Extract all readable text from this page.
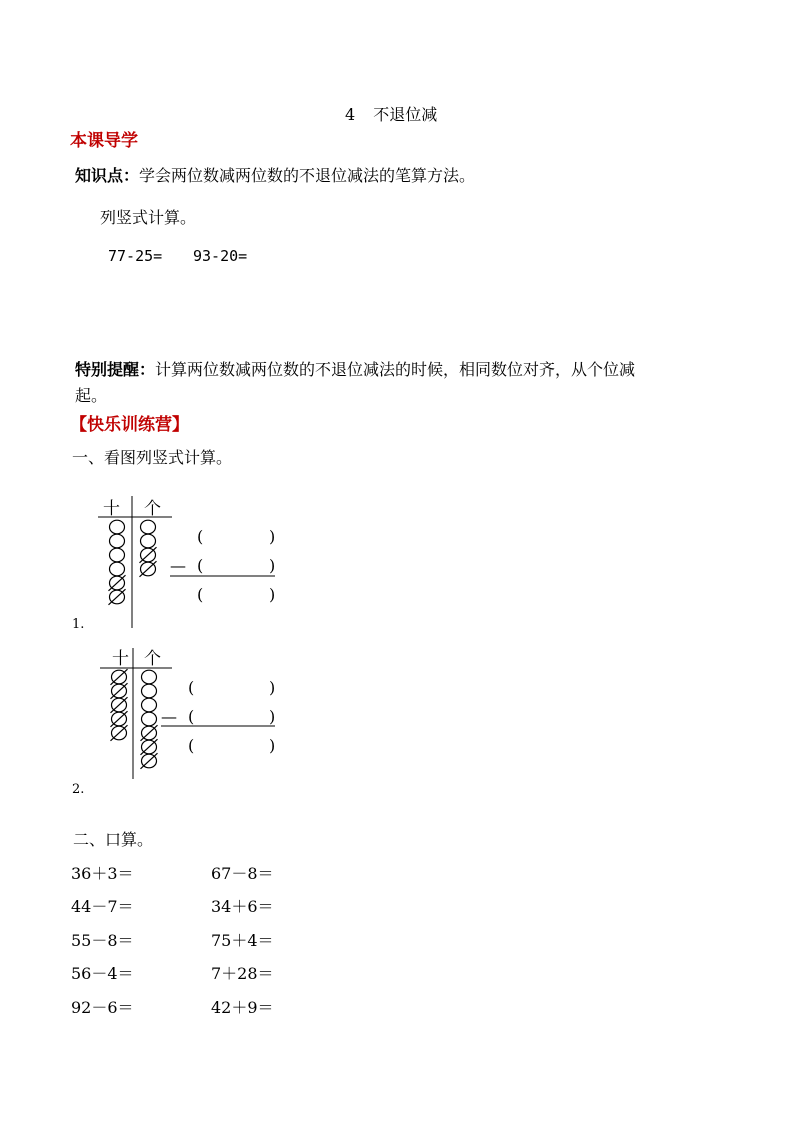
4 不退位减
本课导学
知识点：学会两位数减两位数的不退位减法的笔算方法。
列竖式计算。
77-25= 93-20=
特别提醒：计算两位数减两位数的不退位减法的时候，相同数位对齐，从个位减
起。
【快乐训练营】
一、看图列竖式计算。
十 个
(	)
— (	)
(	)
1.
十 个
(	)
— (	)
(	)
2.
二、口算。
36＋3＝	67－8＝
44－7＝	34＋6＝
55－8＝	75＋4＝
56－4＝	7＋28＝
92－6＝	42＋9＝
